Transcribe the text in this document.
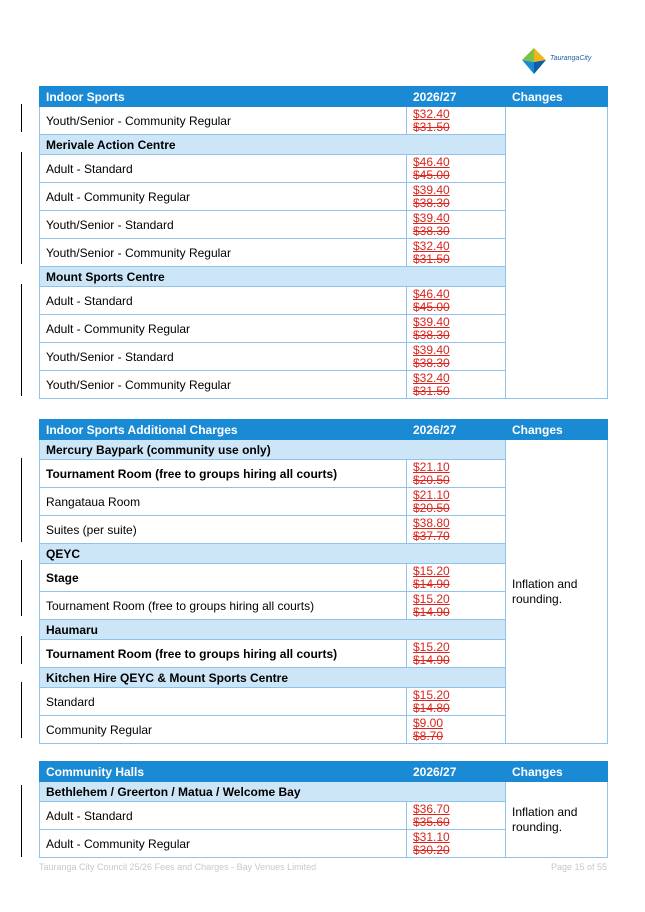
TaurangaCity
Indoor Sports	2026/27	Changes
Youth/Senior - Community Regular	$32.40
$31.50	

Merivale Action Centre		
Adult - Standard	$46.40
$45.00	

Adult - Community Regular	$39.40
$38.30	

Youth/Senior - Standard	$39.40
$38.30	

Youth/Senior - Community Regular	$32.40
$31.50	

Mount Sports Centre		
Adult - Standard	$46.40
$45.00	

Adult - Community Regular	$39.40
$38.30	

Youth/Senior - Standard	$39.40
$38.30	

Youth/Senior - Community Regular	$32.40
$31.50	
Indoor Sports Additional Charges	2026/27	Changes
Mercury Baypark (community use only)		Inflation and rounding.
Tournament Room (free to groups hiring all courts)	$21.10
$20.50	

Rangataua Room	$21.10
$20.50	

Suites (per suite)	$38.80
$37.70	

QEYC		
Stage	$15.20
$14.90	

Tournament Room (free to groups hiring all courts)	$15.20
$14.90	

Haumaru		
Tournament Room (free to groups hiring all courts)	$15.20
$14.90	

Kitchen Hire QEYC & Mount Sports Centre		
Standard	$15.20
$14.80	

Community Regular	$9.00
$8.70	
Community Halls	2026/27	Changes
Bethlehem / Greerton / Matua / Welcome Bay		Inflation and rounding.
Adult - Standard	$36.70
$35.60	

Adult - Community Regular	$31.10
$30.20	
Tauranga City Council 25/26 Fees and Charges - Bay Venues Limited	Page 15 of 55
